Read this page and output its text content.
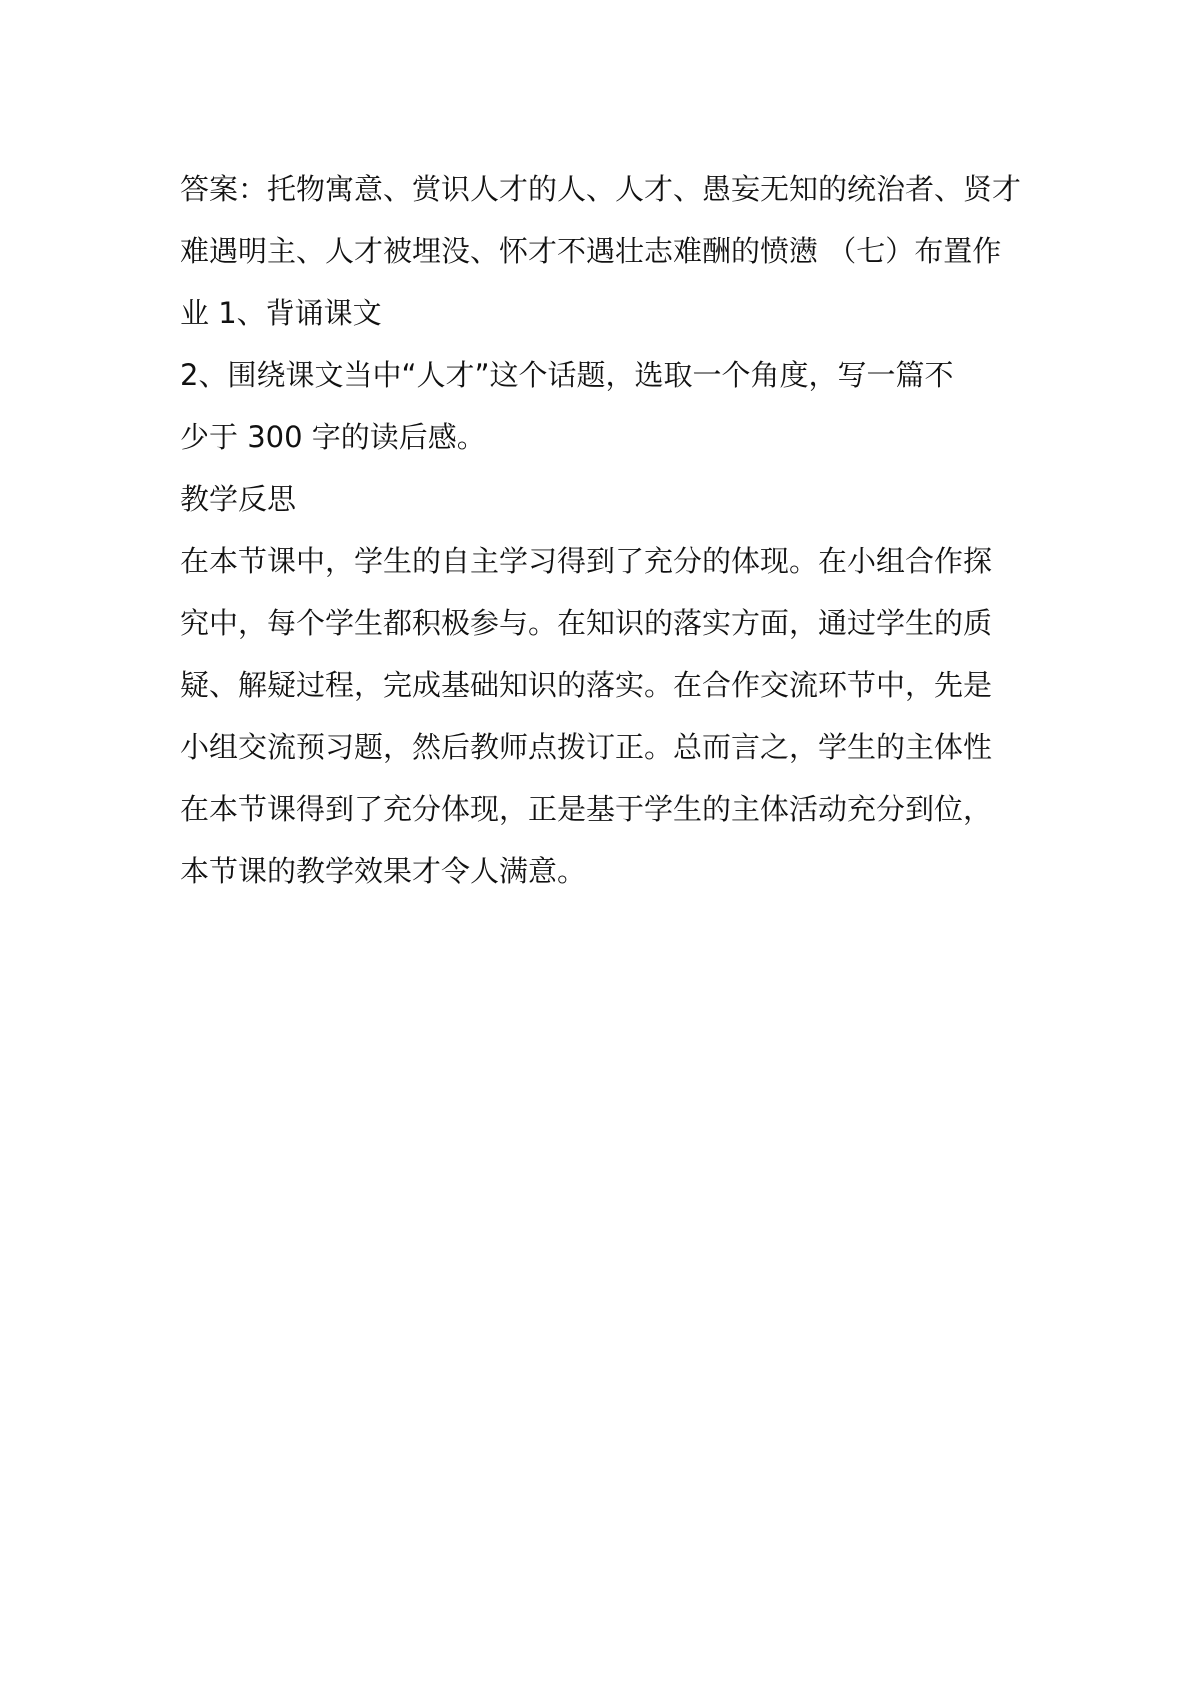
答案：托物寓意、赏识人才的人、人才、愚妄无知的统治者、贤才
难遇明主、人才被埋没、怀才不遇壮志难酬的愤懑 （七）布置作
业 1、背诵课文
2、围绕课文当中“人才”这个话题，选取一个角度，写一篇不
少于 300 字的读后感。
教学反思
在本节课中，学生的自主学习得到了充分的体现。在小组合作探
究中，每个学生都积极参与。在知识的落实方面，通过学生的质
疑、解疑过程，完成基础知识的落实。在合作交流环节中，先是
小组交流预习题，然后教师点拨订正。总而言之，学生的主体性
在本节课得到了充分体现，正是基于学生的主体活动充分到位，
本节课的教学效果才令人满意。
